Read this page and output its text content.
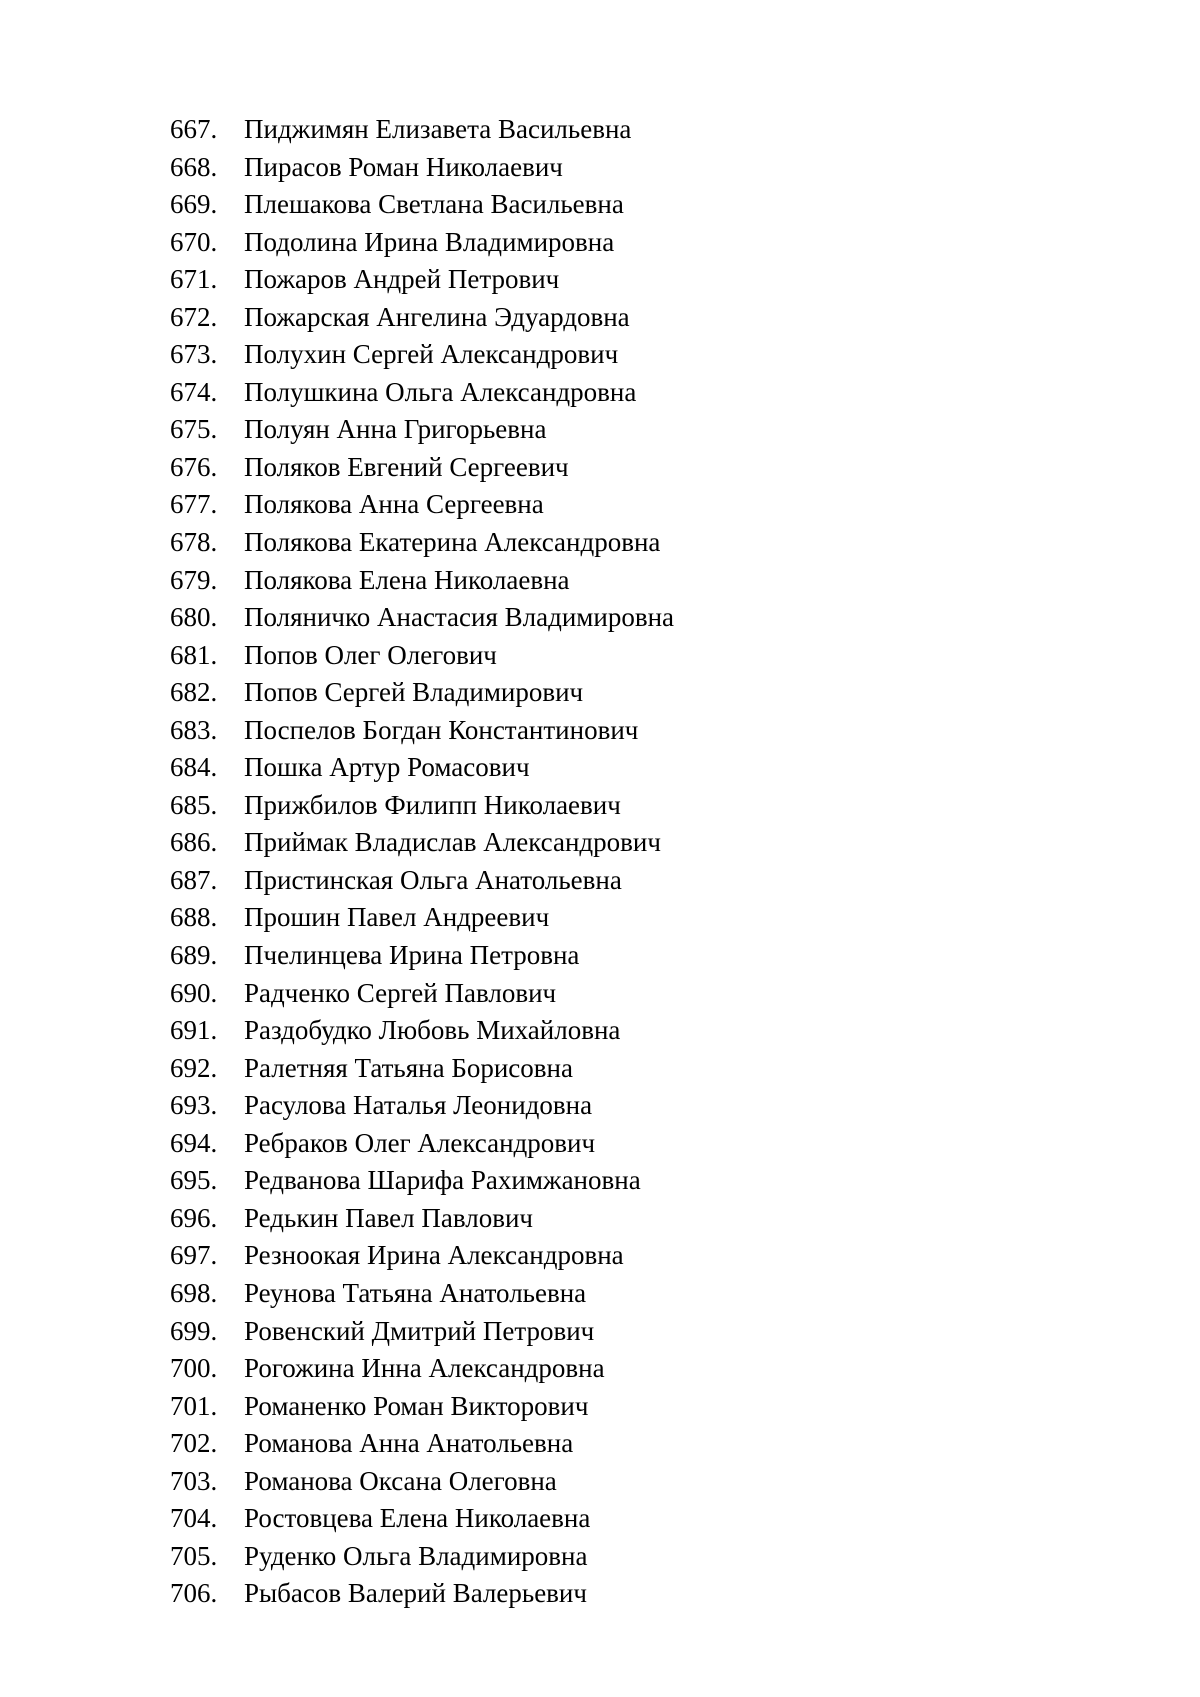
667. Пиджимян Елизавета Васильевна
668. Пирасов Роман Николаевич
669. Плешакова Светлана Васильевна
670. Подолина Ирина Владимировна
671. Пожаров Андрей Петрович
672. Пожарская Ангелина Эдуардовна
673. Полухин Сергей Александрович
674. Полушкина Ольга Александровна
675. Полуян Анна Григорьевна
676. Поляков Евгений Сергеевич
677. Полякова Анна Сергеевна
678. Полякова Екатерина Александровна
679. Полякова Елена Николаевна
680. Поляничко Анастасия Владимировна
681. Попов Олег Олегович
682. Попов Сергей Владимирович
683. Поспелов Богдан Константинович
684. Пошка Артур Ромасович
685. Прижбилов Филипп Николаевич
686. Приймак Владислав Александрович
687. Пристинская Ольга Анатольевна
688. Прошин Павел Андреевич
689. Пчелинцева Ирина Петровна
690. Радченко Сергей Павлович
691. Раздобудко Любовь Михайловна
692. Ралетняя Татьяна Борисовна
693. Расулова Наталья Леонидовна
694. Ребраков Олег Александрович
695. Редванова Шарифа Рахимжановна
696. Редькин Павел Павлович
697. Резноокая Ирина Александровна
698. Реунова Татьяна Анатольевна
699. Ровенский Дмитрий Петрович
700. Рогожина Инна Александровна
701. Романенко Роман Викторович
702. Романова Анна Анатольевна
703. Романова Оксана Олеговна
704. Ростовцева Елена Николаевна
705. Руденко Ольга Владимировна
706. Рыбасов Валерий Валерьевич
